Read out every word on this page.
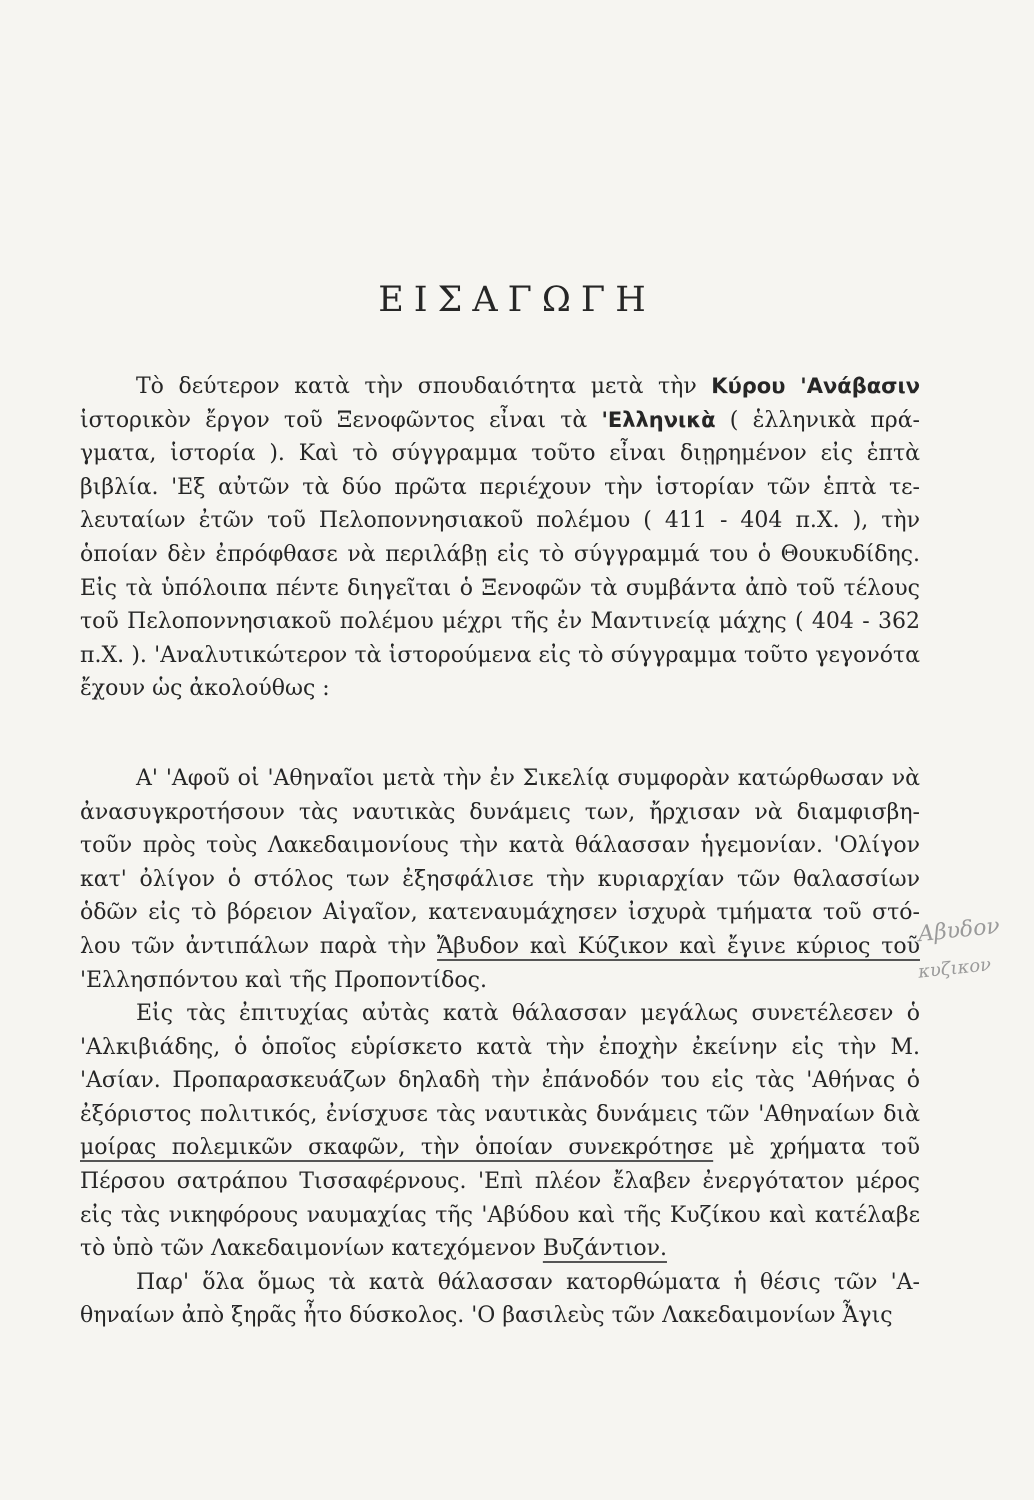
ΕΙΣΑΓΩΓΗ

Τὸ δεύτερον κατὰ τὴν σπουδαιότητα μετὰ τὴν Κύρου 'Ανάβασιν ἱστορικὸν ἔργον τοῦ Ξενοφῶντος εἶναι τὰ 'Ελληνικὰ ( ἑλληνικὰ πρά-γματα, ἱστορία ). Καὶ τὸ σύγγραμμα τοῦτο εἶναι διῃρημένον εἰς ἑπτὰ βιβλία. 'Εξ αὐτῶν τὰ δύο πρῶτα περιέχουν τὴν ἱστορίαν τῶν ἑπτὰ τε-λευταίων ἐτῶν τοῦ Πελοποννησιακοῦ πολέμου ( 411 - 404 π.Χ. ), τὴν ὁποίαν δὲν ἐπρόφθασε νὰ περιλάβῃ εἰς τὸ σύγγραμμά του ὁ Θουκυδίδης. Εἰς τὰ ὑπόλοιπα πέντε διηγεῖται ὁ Ξενοφῶν τὰ συμβάντα ἀπὸ τοῦ τέλους τοῦ Πελοποννησιακοῦ πολέμου μέχρι τῆς ἐν Μαντινείᾳ μάχης ( 404 - 362 π.Χ. ). 'Αναλυτικώτερον τὰ ἱστορούμενα εἰς τὸ σύγγραμμα τοῦτο γεγονότα ἔχουν ὡς ἀκολούθως :

Α' 'Αφοῦ οἱ 'Αθηναῖοι μετὰ τὴν ἐν Σικελίᾳ συμφορὰν κατώρθωσαν νὰ ἀνασυγκροτήσουν τὰς ναυτικὰς δυνάμεις των, ἤρχισαν νὰ διαμφισβη-τοῦν πρὸς τοὺς Λακεδαιμονίους τὴν κατὰ θάλασσαν ἡγεμονίαν. 'Ολίγον κατ' ὀλίγον ὁ στόλος των ἐξησφάλισε τὴν κυριαρχίαν τῶν θαλασσίων ὁδῶν εἰς τὸ βόρειον Αἰγαῖον, κατεναυμάχησεν ἰσχυρὰ τμήματα τοῦ στό-λου τῶν ἀντιπάλων παρὰ τὴν Ἄβυδον καὶ Κύζικον καὶ ἔγινε κύριος τοῦ 'Ελλησπόντου καὶ τῆς Προποντίδος.

Εἰς τὰς ἐπιτυχίας αὐτὰς κατὰ θάλασσαν μεγάλως συνετέλεσεν ὁ 'Αλκιβιάδης, ὁ ὁποῖος εὑρίσκετο κατὰ τὴν ἐποχὴν ἐκείνην εἰς τὴν Μ. 'Ασίαν. Προπαρασκευάζων δηλαδὴ τὴν ἐπάνοδόν του εἰς τὰς 'Αθήνας ὁ ἐξόριστος πολιτικός, ἐνίσχυσε τὰς ναυτικὰς δυνάμεις τῶν 'Αθηναίων διὰ μοίρας πολεμικῶν σκαφῶν, τὴν ὁποίαν συνεκρότησε μὲ χρήματα τοῦ Πέρσου σατράπου Τισσαφέρνους. 'Επὶ πλέον ἔλαβεν ἐνεργότατον μέρος εἰς τὰς νικηφόρους ναυμαχίας τῆς 'Αβύδου καὶ τῆς Κυζίκου καὶ κατέλαβε τὸ ὑπὸ τῶν Λακεδαιμονίων κατεχόμενον Βυζάντιον.

Παρ' ὅλα ὅμως τὰ κατὰ θάλασσαν κατορθώματα ἡ θέσις τῶν 'Α-θηναίων ἀπὸ ξηρᾶς ἦτο δύσκολος. 'Ο βασιλεὺς τῶν Λακεδαιμονίων Ἆγις

Αβυδον
κυζικον
